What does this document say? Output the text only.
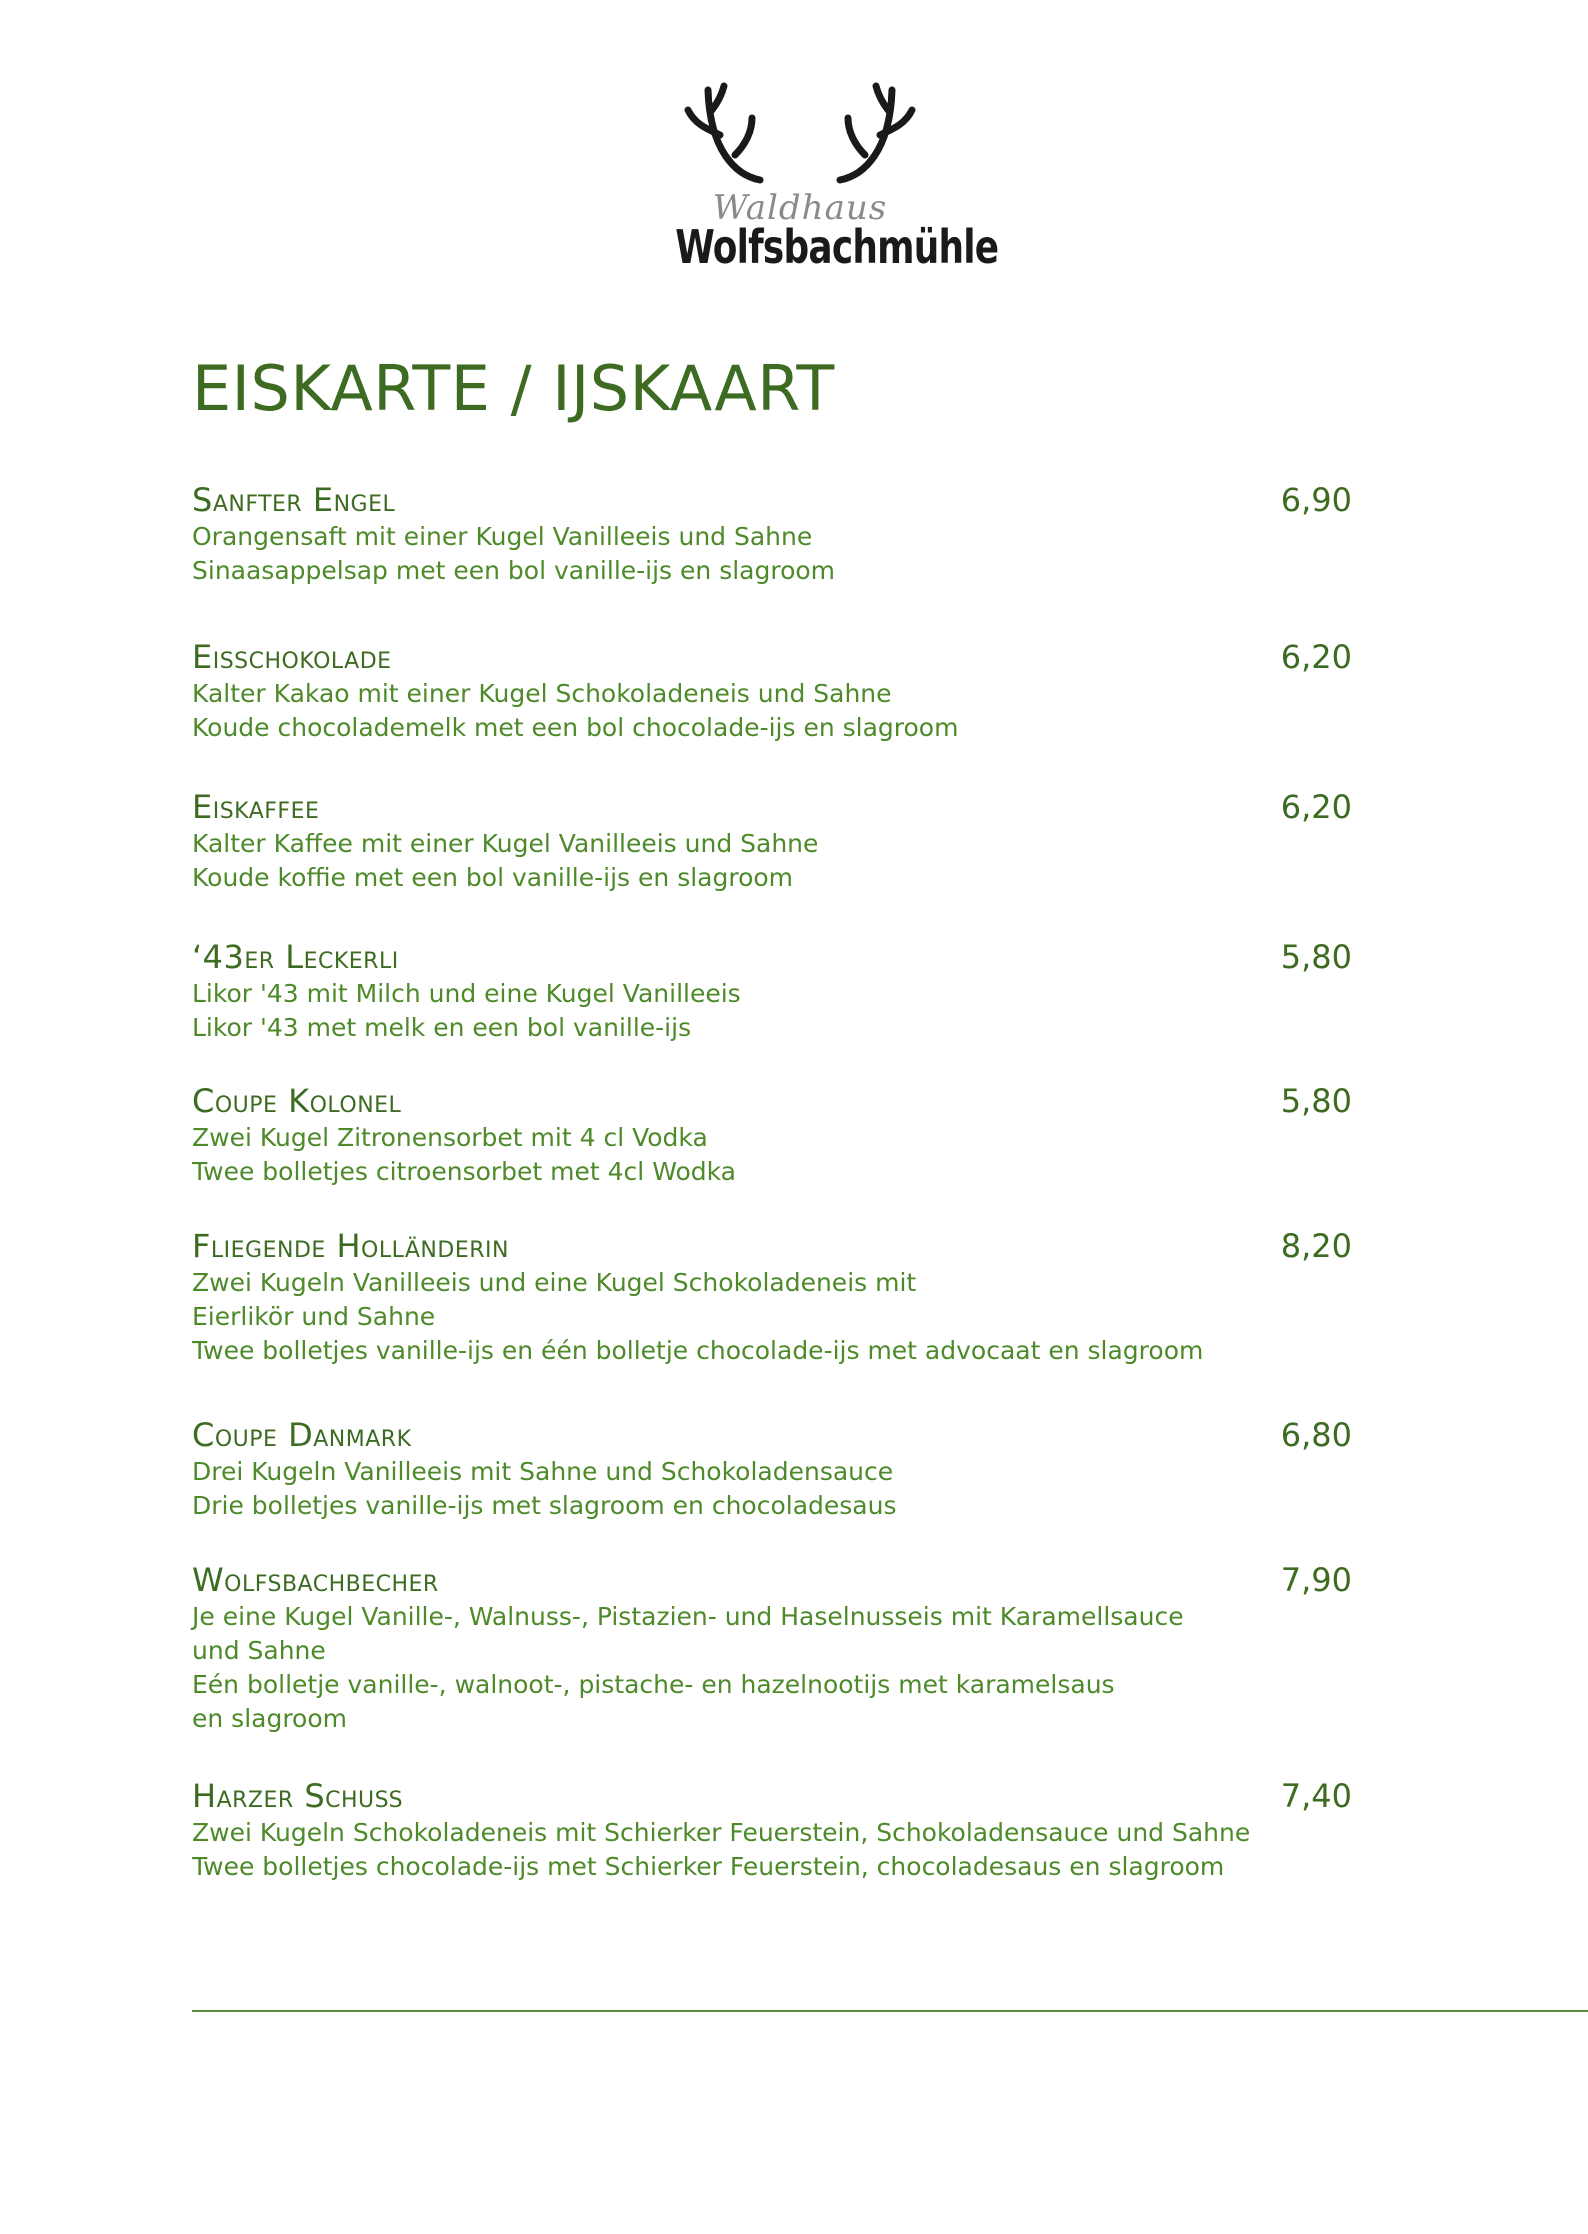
Waldhaus
Wolfsbachmühle
EISKARTE / IJSKAART
Sanfter Engel	6,90
Orangensaft mit einer Kugel Vanilleeis und Sahne
Sinaasappelsap met een bol vanille-ijs en slagroom
Eisschokolade	6,20
Kalter Kakao mit einer Kugel Schokoladeneis und Sahne
Koude chocolademelk met een bol chocolade-ijs en slagroom
Eiskaffee	6,20
Kalter Kaffee mit einer Kugel Vanilleeis und Sahne
Koude koffie met een bol vanille-ijs en slagroom
‘43er Leckerli	5,80
Likor '43 mit Milch und eine Kugel Vanilleeis
Likor '43 met melk en een bol vanille-ijs
Coupe Kolonel	5,80
Zwei Kugel Zitronensorbet mit 4 cl Vodka
Twee bolletjes citroensorbet met 4cl Wodka
Fliegende Holländerin	8,20
Zwei Kugeln Vanilleeis und eine Kugel Schokoladeneis mit
Eierlikör und Sahne
Twee bolletjes vanille-ijs en één bolletje chocolade-ijs met advocaat en slagroom
Coupe Danmark	6,80
Drei Kugeln Vanilleeis mit Sahne und Schokoladensauce
Drie bolletjes vanille-ijs met slagroom en chocoladesaus
Wolfsbachbecher	7,90
Je eine Kugel Vanille-, Walnuss-, Pistazien- und Haselnusseis mit Karamellsauce
und Sahne
Eén bolletje vanille-, walnoot-, pistache- en hazelnootijs met karamelsaus
en slagroom
Harzer Schuß	7,40
Zwei Kugeln Schokoladeneis mit Schierker Feuerstein, Schokoladensauce und Sahne
Twee bolletjes chocolade-ijs met Schierker Feuerstein, chocoladesaus en slagroom
